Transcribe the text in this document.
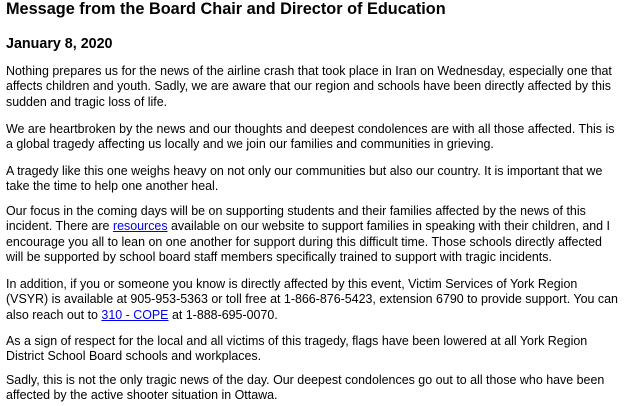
Message from the Board Chair and Director of Education
January 8, 2020

Nothing prepares us for the news of the airline crash that took place in Iran on Wednesday, especially one that
affects children and youth. Sadly, we are aware that our region and schools have been directly affected by this
sudden and tragic loss of life.

We are heartbroken by the news and our thoughts and deepest condolences are with all those affected. This is
a global tragedy affecting us locally and we join our families and communities in grieving.

A tragedy like this one weighs heavy on not only our communities but also our country. It is important that we
take the time to help one another heal.

Our focus in the coming days will be on supporting students and their families affected by the news of this
incident. There are resources available on our website to support families in speaking with their children, and I
encourage you all to lean on one another for support during this difficult time. Those schools directly affected
will be supported by school board staff members specifically trained to support with tragic incidents.

In addition, if you or someone you know is directly affected by this event, Victim Services of York Region
(VSYR) is available at 905-953-5363 or toll free at 1-866-876-5423, extension 6790 to provide support. You can
also reach out to 310 - COPE at 1-888-695-0070.

As a sign of respect for the local and all victims of this tragedy, flags have been lowered at all York Region
District School Board schools and workplaces.

Sadly, this is not the only tragic news of the day. Our deepest condolences go out to all those who have been
affected by the active shooter situation in Ottawa.
